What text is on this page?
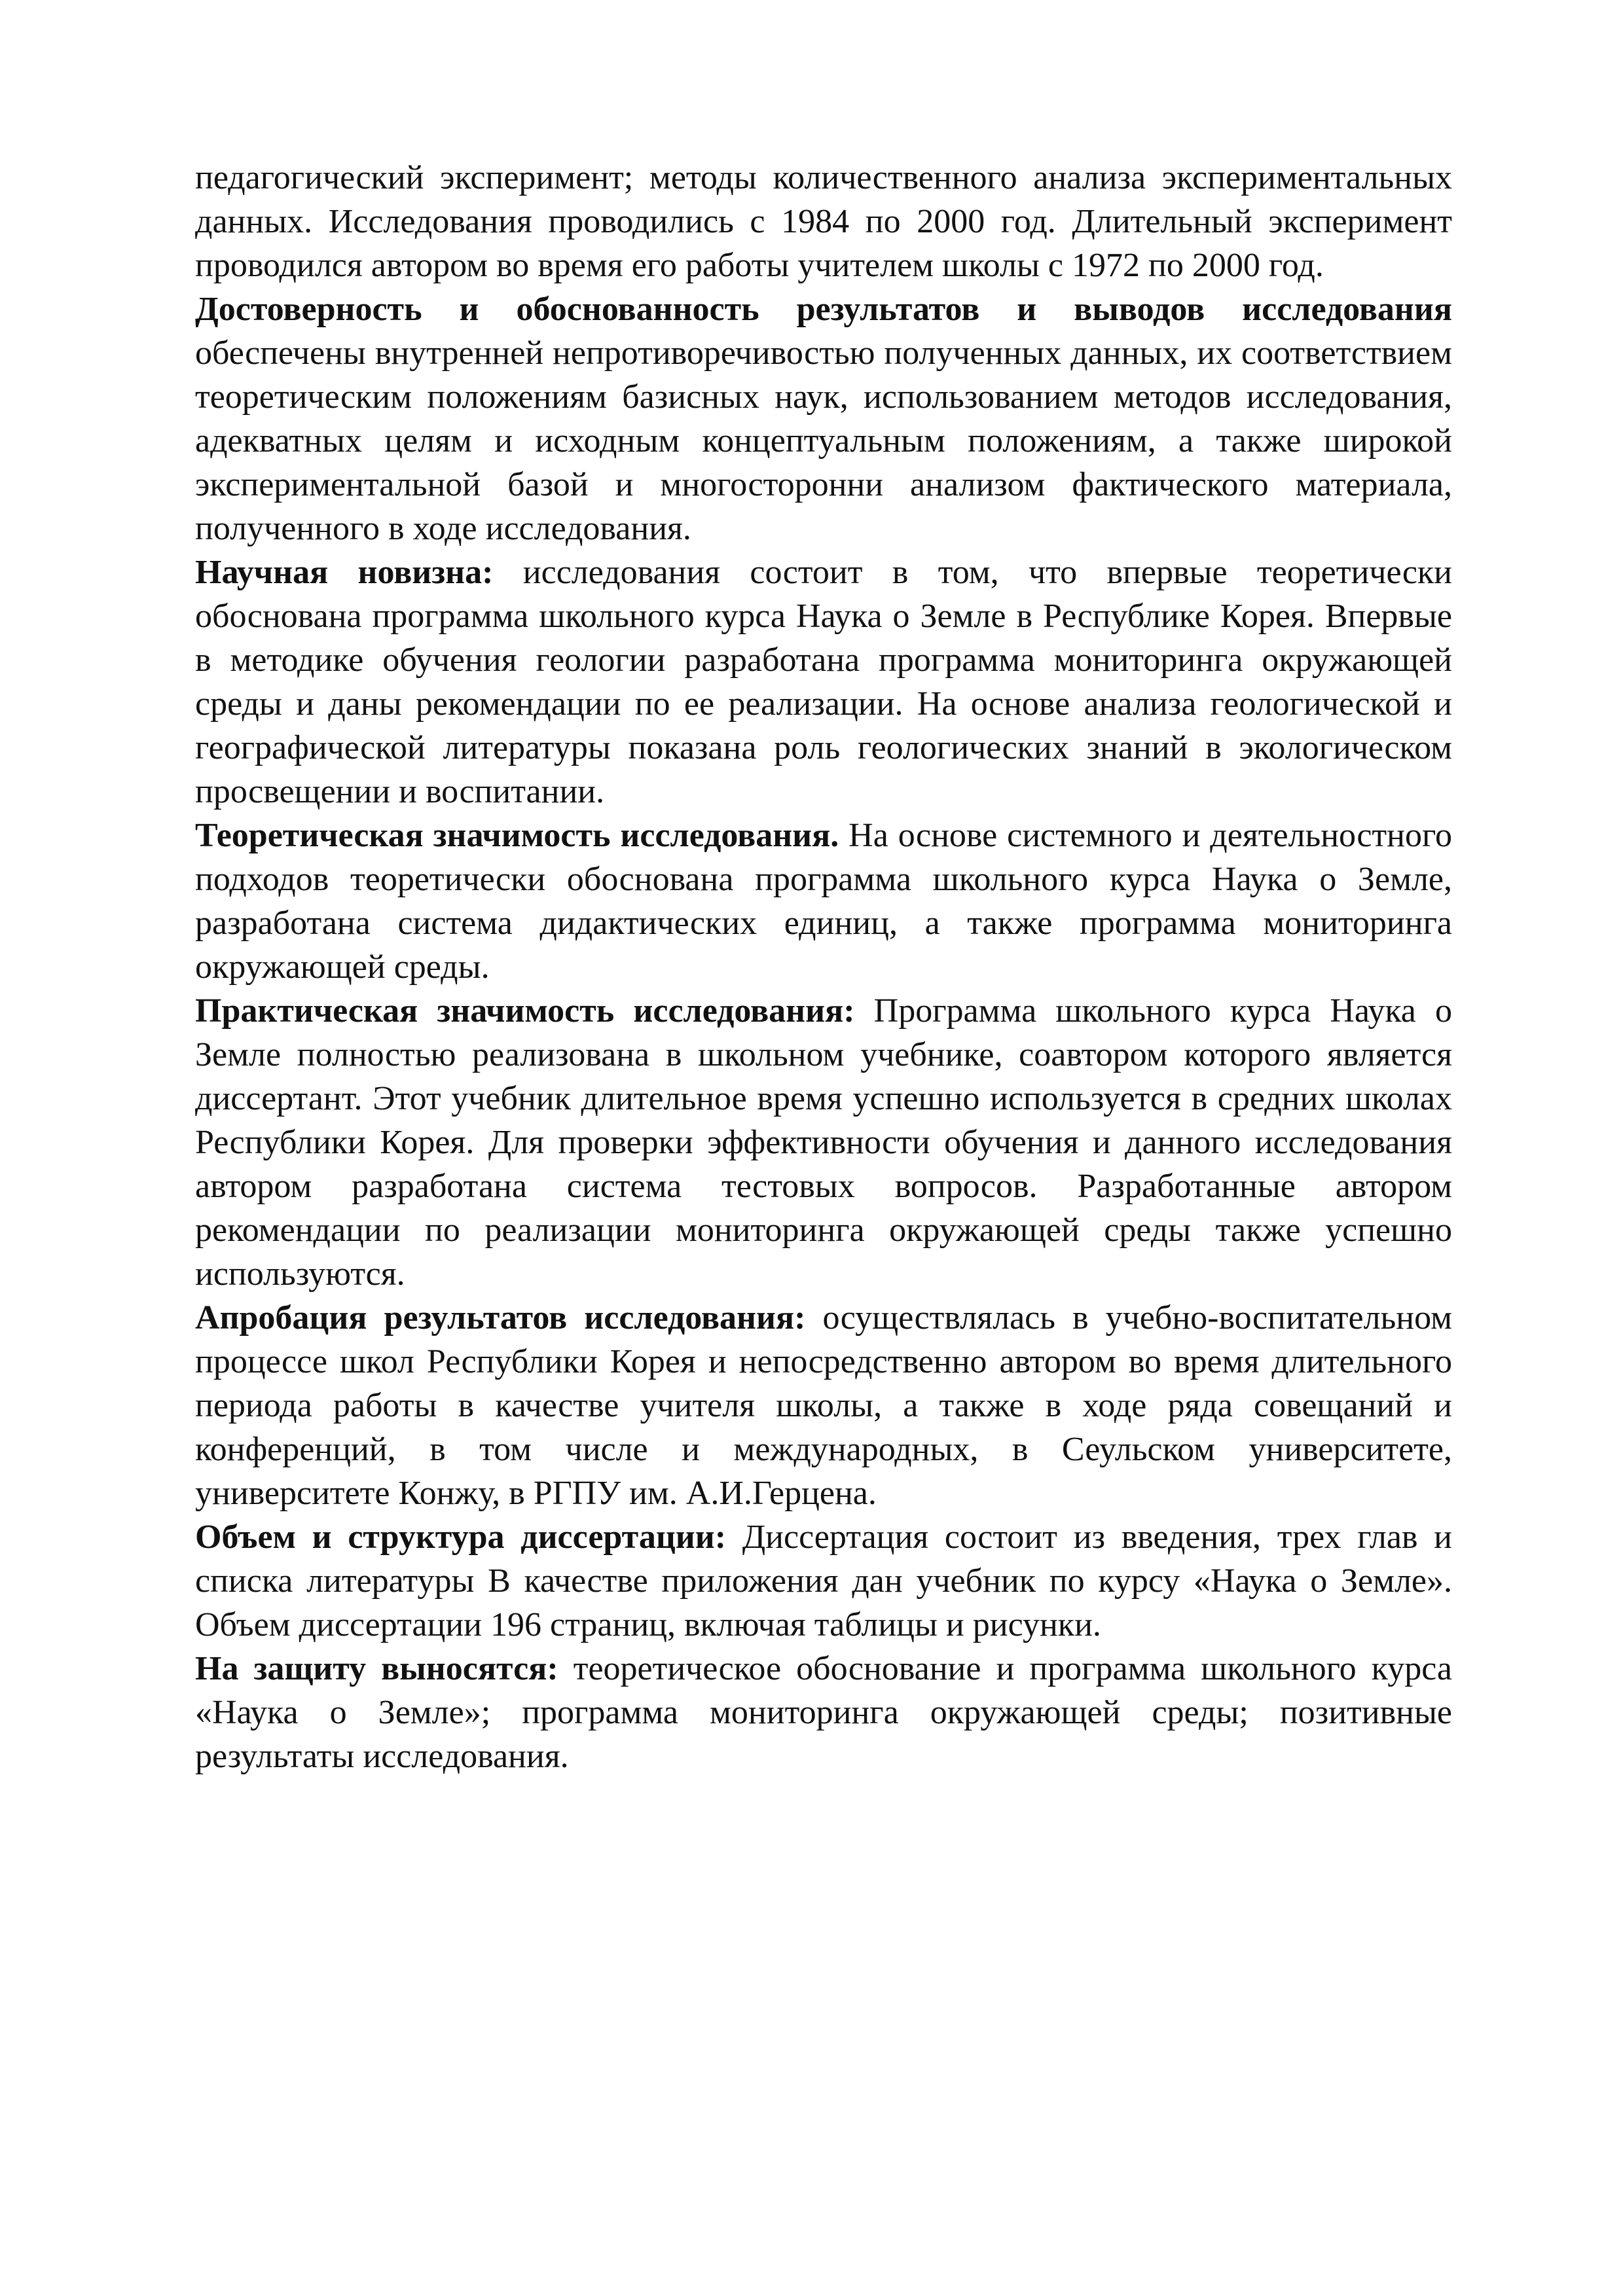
педагогический эксперимент; методы количественного анализа экспериментальных данных. Исследования проводились с 1984 по 2000 год. Длительный эксперимент проводился автором во время его работы учителем школы с 1972 по 2000 год.

Достоверность и обоснованность результатов и выводов исследования обеспечены внутренней непротиворечивостью полученных данных, их соответствием теоретическим положениям базисных наук, использованием методов исследования, адекватных целям и исходным концептуальным положениям, а также широкой экспериментальной базой и многосторонни анализом фактического материала, полученного в ходе исследования.

Научная новизна: исследования состоит в том, что впервые теоретически обоснована программа школьного курса Наука о Земле в Республике Корея. Впервые в методике обучения геологии разработана программа мониторинга окружающей среды и даны рекомендации по ее реализации. На основе анализа геологической и географической литературы показана роль геологических знаний в экологическом просвещении и воспитании.

Теоретическая значимость исследования. На основе системного и деятельностного подходов теоретически обоснована программа школьного курса Наука о Земле, разработана система дидактических единиц, а также программа мониторинга окружающей среды.

Практическая значимость исследования: Программа школьного курса Наука о Земле полностью реализована в школьном учебнике, соавтором которого является диссертант. Этот учебник длительное время успешно используется в средних школах Республики Корея. Для проверки эффективности обучения и данного исследования автором разработана система тестовых вопросов. Разработанные автором рекомендации по реализации мониторинга окружающей среды также успешно используются.

Апробация результатов исследования: осуществлялась в учебно-воспитательном процессе школ Республики Корея и непосредственно автором во время длительного периода работы в качестве учителя школы, а также в ходе ряда совещаний и конференций, в том числе и международных, в Сеульском университете, университете Конжу, в РГПУ им. А.И.Герцена.

Объем и структура диссертации: Диссертация состоит из введения, трех глав и списка литературы В качестве приложения дан учебник по курсу «Наука о Земле». Объем диссертации 196 страниц, включая таблицы и рисунки.

На защиту выносятся: теоретическое обоснование и программа школьного курса «Наука о Земле»; программа мониторинга окружающей среды; позитивные результаты исследования.
